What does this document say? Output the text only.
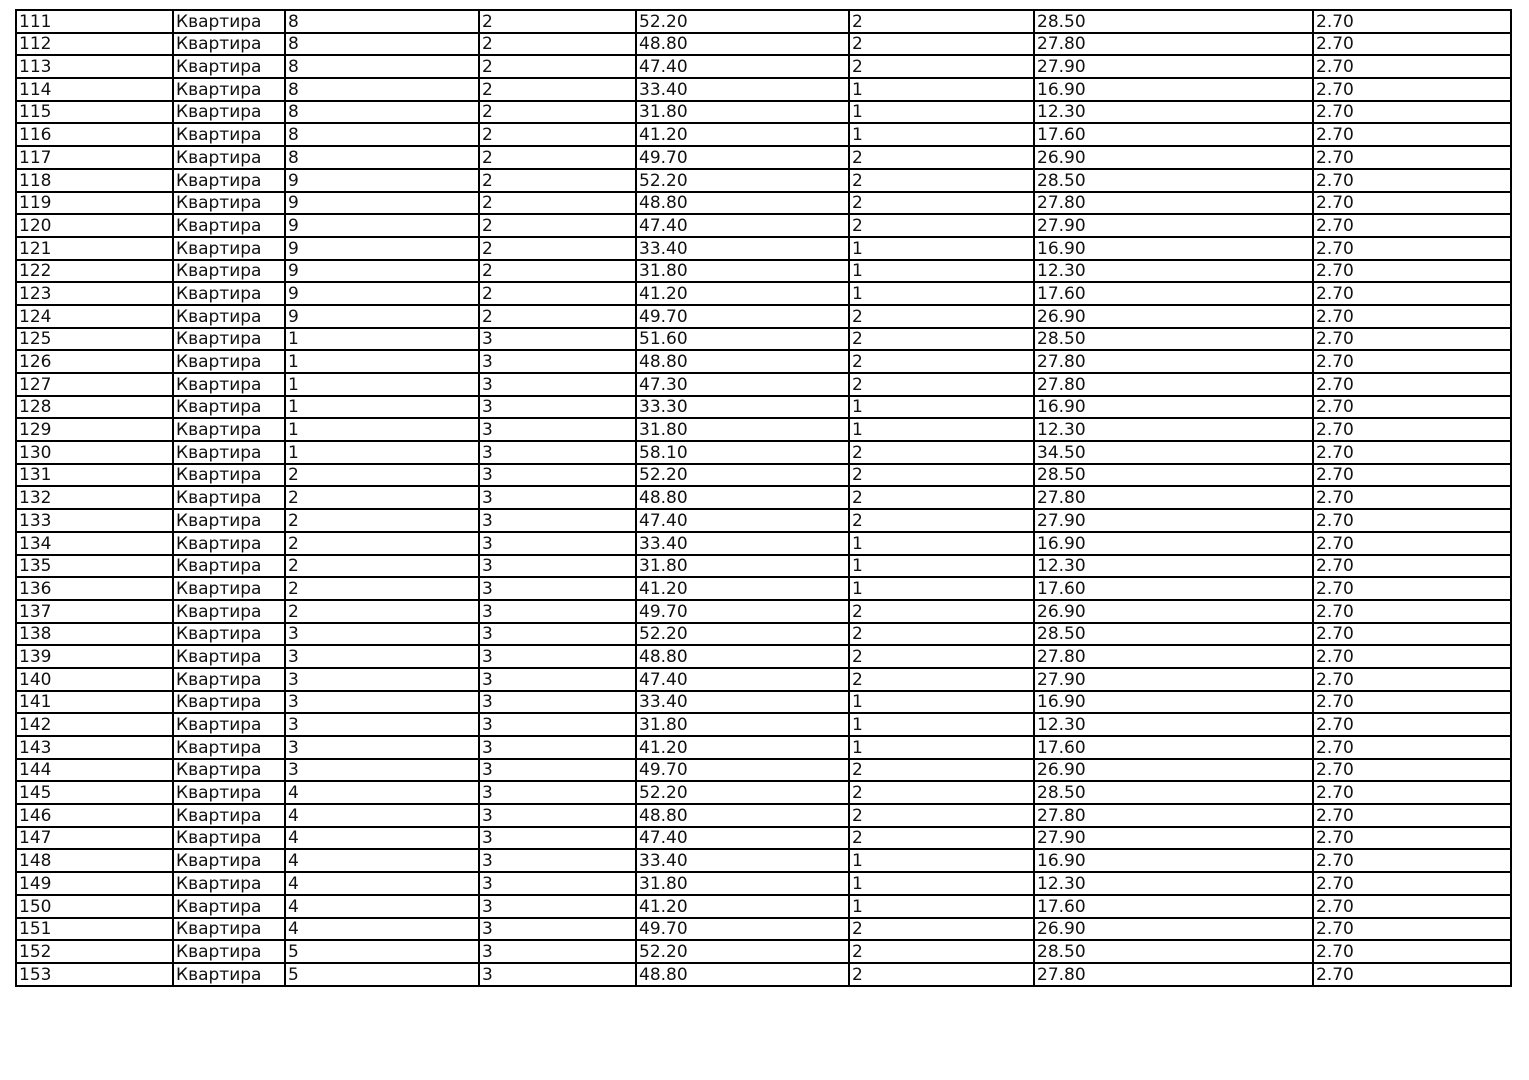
111	Квартира	8	2	52.20	2	28.50	2.70
112	Квартира	8	2	48.80	2	27.80	2.70
113	Квартира	8	2	47.40	2	27.90	2.70
114	Квартира	8	2	33.40	1	16.90	2.70
115	Квартира	8	2	31.80	1	12.30	2.70
116	Квартира	8	2	41.20	1	17.60	2.70
117	Квартира	8	2	49.70	2	26.90	2.70
118	Квартира	9	2	52.20	2	28.50	2.70
119	Квартира	9	2	48.80	2	27.80	2.70
120	Квартира	9	2	47.40	2	27.90	2.70
121	Квартира	9	2	33.40	1	16.90	2.70
122	Квартира	9	2	31.80	1	12.30	2.70
123	Квартира	9	2	41.20	1	17.60	2.70
124	Квартира	9	2	49.70	2	26.90	2.70
125	Квартира	1	3	51.60	2	28.50	2.70
126	Квартира	1	3	48.80	2	27.80	2.70
127	Квартира	1	3	47.30	2	27.80	2.70
128	Квартира	1	3	33.30	1	16.90	2.70
129	Квартира	1	3	31.80	1	12.30	2.70
130	Квартира	1	3	58.10	2	34.50	2.70
131	Квартира	2	3	52.20	2	28.50	2.70
132	Квартира	2	3	48.80	2	27.80	2.70
133	Квартира	2	3	47.40	2	27.90	2.70
134	Квартира	2	3	33.40	1	16.90	2.70
135	Квартира	2	3	31.80	1	12.30	2.70
136	Квартира	2	3	41.20	1	17.60	2.70
137	Квартира	2	3	49.70	2	26.90	2.70
138	Квартира	3	3	52.20	2	28.50	2.70
139	Квартира	3	3	48.80	2	27.80	2.70
140	Квартира	3	3	47.40	2	27.90	2.70
141	Квартира	3	3	33.40	1	16.90	2.70
142	Квартира	3	3	31.80	1	12.30	2.70
143	Квартира	3	3	41.20	1	17.60	2.70
144	Квартира	3	3	49.70	2	26.90	2.70
145	Квартира	4	3	52.20	2	28.50	2.70
146	Квартира	4	3	48.80	2	27.80	2.70
147	Квартира	4	3	47.40	2	27.90	2.70
148	Квартира	4	3	33.40	1	16.90	2.70
149	Квартира	4	3	31.80	1	12.30	2.70
150	Квартира	4	3	41.20	1	17.60	2.70
151	Квартира	4	3	49.70	2	26.90	2.70
152	Квартира	5	3	52.20	2	28.50	2.70
153	Квартира	5	3	48.80	2	27.80	2.70
